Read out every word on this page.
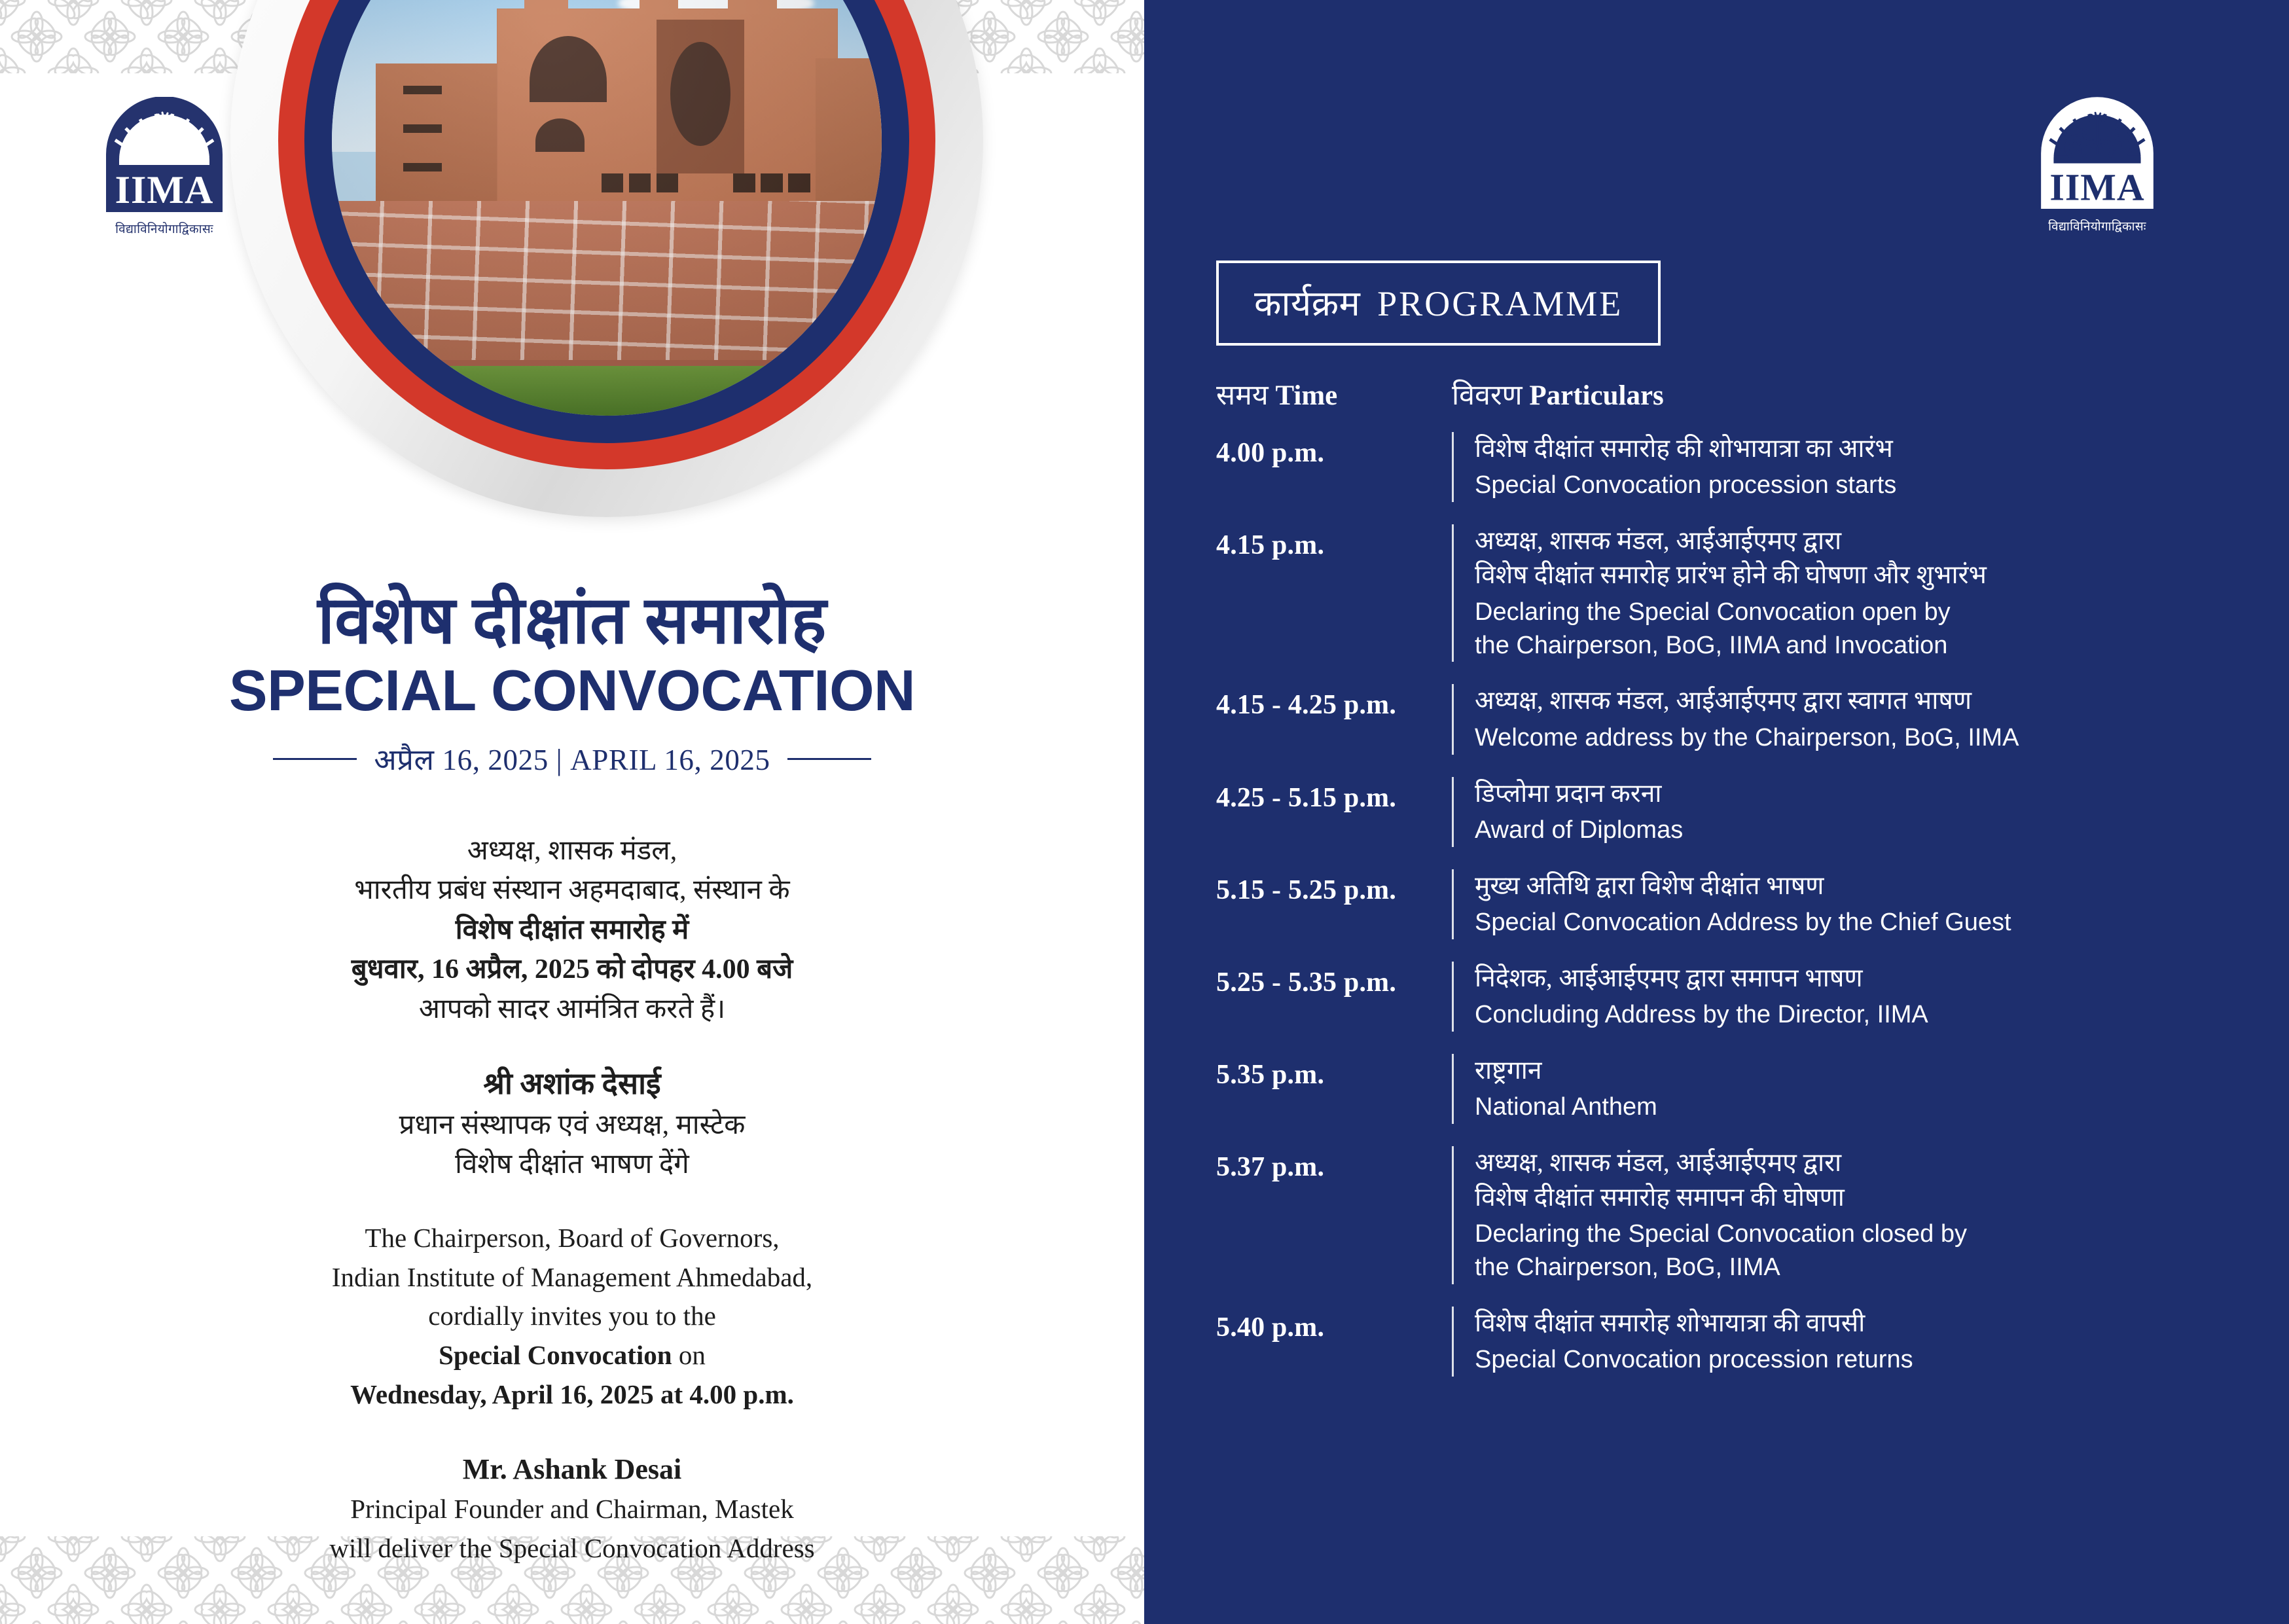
IIMA
विद्याविनियोगाद्विकासः
विशेष दीक्षांत समारोह
SPECIAL CONVOCATION
अप्रैल 16, 2025 | APRIL 16, 2025
अध्यक्ष, शासक मंडल,
भारतीय प्रबंध संस्थान अहमदाबाद, संस्थान के
विशेष दीक्षांत समारोह में
बुधवार, 16 अप्रैल, 2025 को दोपहर 4.00 बजे
आपको सादर आमंत्रित करते हैं।
श्री अशांक देसाई
प्रधान संस्थापक एवं अध्यक्ष, मास्टेक
विशेष दीक्षांत भाषण देंगे
The Chairperson, Board of Governors,
Indian Institute of Management Ahmedabad,
cordially invites you to the
Special Convocation on
Wednesday, April 16, 2025 at 4.00 p.m.
Mr. Ashank Desai
Principal Founder and Chairman, Mastek
will deliver the Special Convocation Address
IIMA
विद्याविनियोगाद्विकासः
कार्यक्रम PROGRAMME
समय Time	विवरण Particulars
4.00 p.m.	विशेष दीक्षांत समारोह की शोभायात्रा का आरंभ
Special Convocation procession starts
4.15 p.m.	अध्यक्ष, शासक मंडल, आईआईएमए द्वारा
विशेष दीक्षांत समारोह प्रारंभ होने की घोषणा और शुभारंभ
Declaring the Special Convocation open by
the Chairperson, BoG, IIMA and Invocation
4.15 - 4.25 p.m.	अध्यक्ष, शासक मंडल, आईआईएमए द्वारा स्वागत भाषण
Welcome address by the Chairperson, BoG, IIMA
4.25 - 5.15 p.m.	डिप्लोमा प्रदान करना
Award of Diplomas
5.15 - 5.25 p.m.	मुख्य अतिथि द्वारा विशेष दीक्षांत भाषण
Special Convocation Address by the Chief Guest
5.25 - 5.35 p.m.	निदेशक, आईआईएमए द्वारा समापन भाषण
Concluding Address by the Director, IIMA
5.35 p.m.	राष्ट्रगान
National Anthem
5.37 p.m.	अध्यक्ष, शासक मंडल, आईआईएमए द्वारा
विशेष दीक्षांत समारोह समापन की घोषणा
Declaring the Special Convocation closed by
the Chairperson, BoG, IIMA
5.40 p.m.	विशेष दीक्षांत समारोह शोभायात्रा की वापसी
Special Convocation procession returns
